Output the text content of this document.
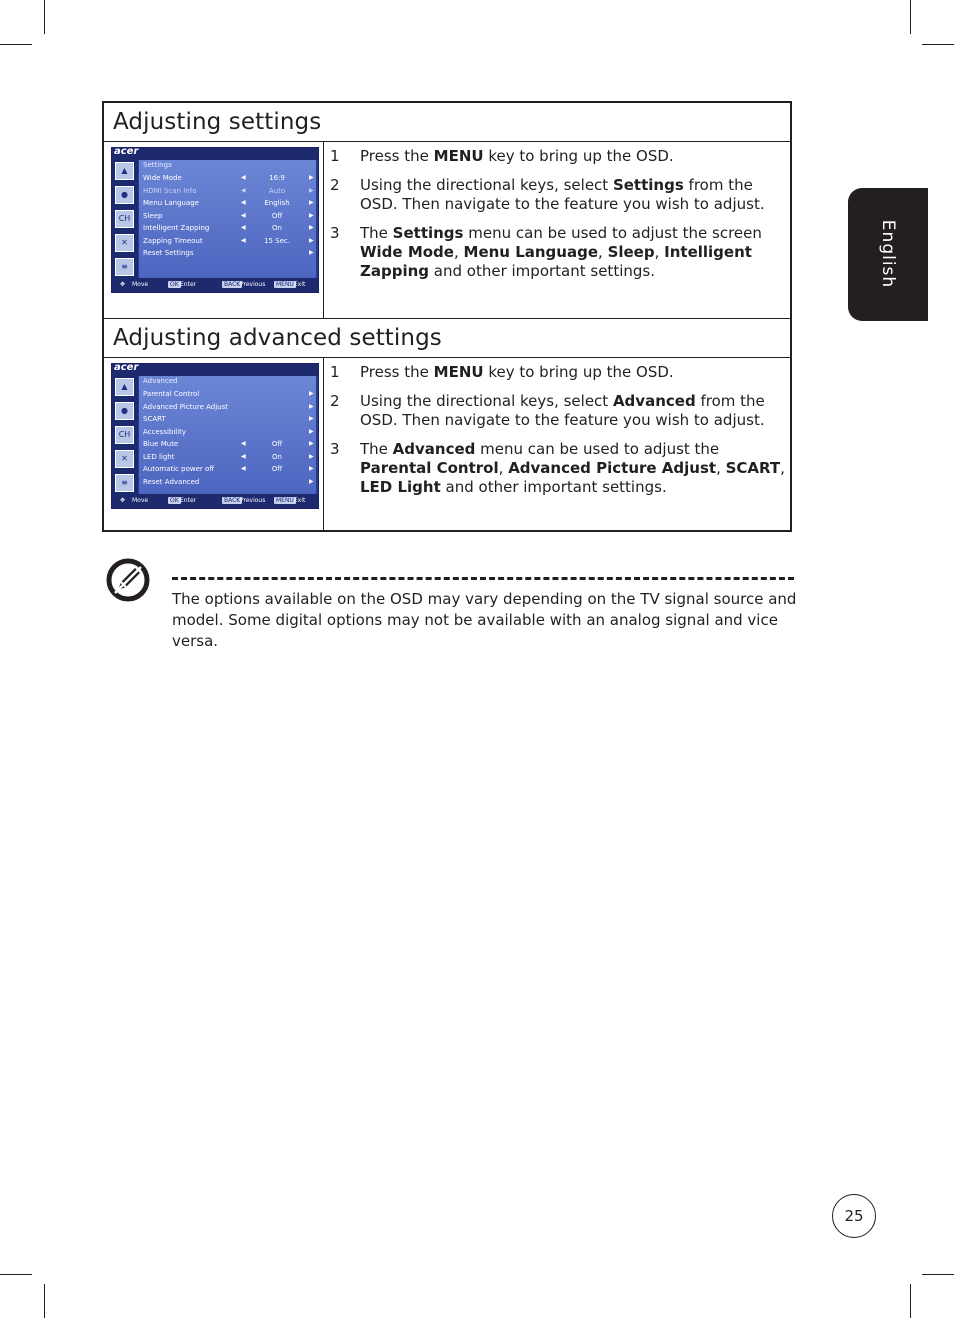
English
Adjusting settings
acer
▲
●
CH
✕
≡
Settings
Wide Mode	◀	16:9	▶
HDMI Scan Info	◀	Auto	▶
Menu Language	◀	English	▶
Sleep	◀	Off	▶
Intelligent Zapping	◀	On	▶
Zapping Timeout	◀	15 Sec.	▶
Reset Settings	▶
✥ Move	OK Enter	BACK Previous	MENU Exit
1 Press the MENU key to bring up the OSD.
2 Using the directional keys, select Settings from the OSD. Then navigate to the feature you wish to adjust.
3 The Settings menu can be used to adjust the screen Wide Mode, Menu Language, Sleep, Intelligent Zapping and other important settings.
Adjusting advanced settings
acer
▲
●
CH
✕
≡
Advanced
Parental Control	▶
Advanced Picture Adjust	▶
SCART	▶
Accessibility	▶
Blue Mute	◀	Off	▶
LED light	◀	On	▶
Automatic power off	◀	Off	▶
Reset Advanced	▶
✥ Move	OK Enter	BACK Previous	MENU Exit
1 Press the MENU key to bring up the OSD.
2 Using the directional keys, select Advanced from the OSD. Then navigate to the feature you wish to adjust.
3 The Advanced menu can be used to adjust the Parental Control, Advanced Picture Adjust, SCART, LED Light and other important settings.

The options available on the OSD may vary depending on the TV signal source and model. Some digital options may not be available with an analog signal and vice versa.

25
